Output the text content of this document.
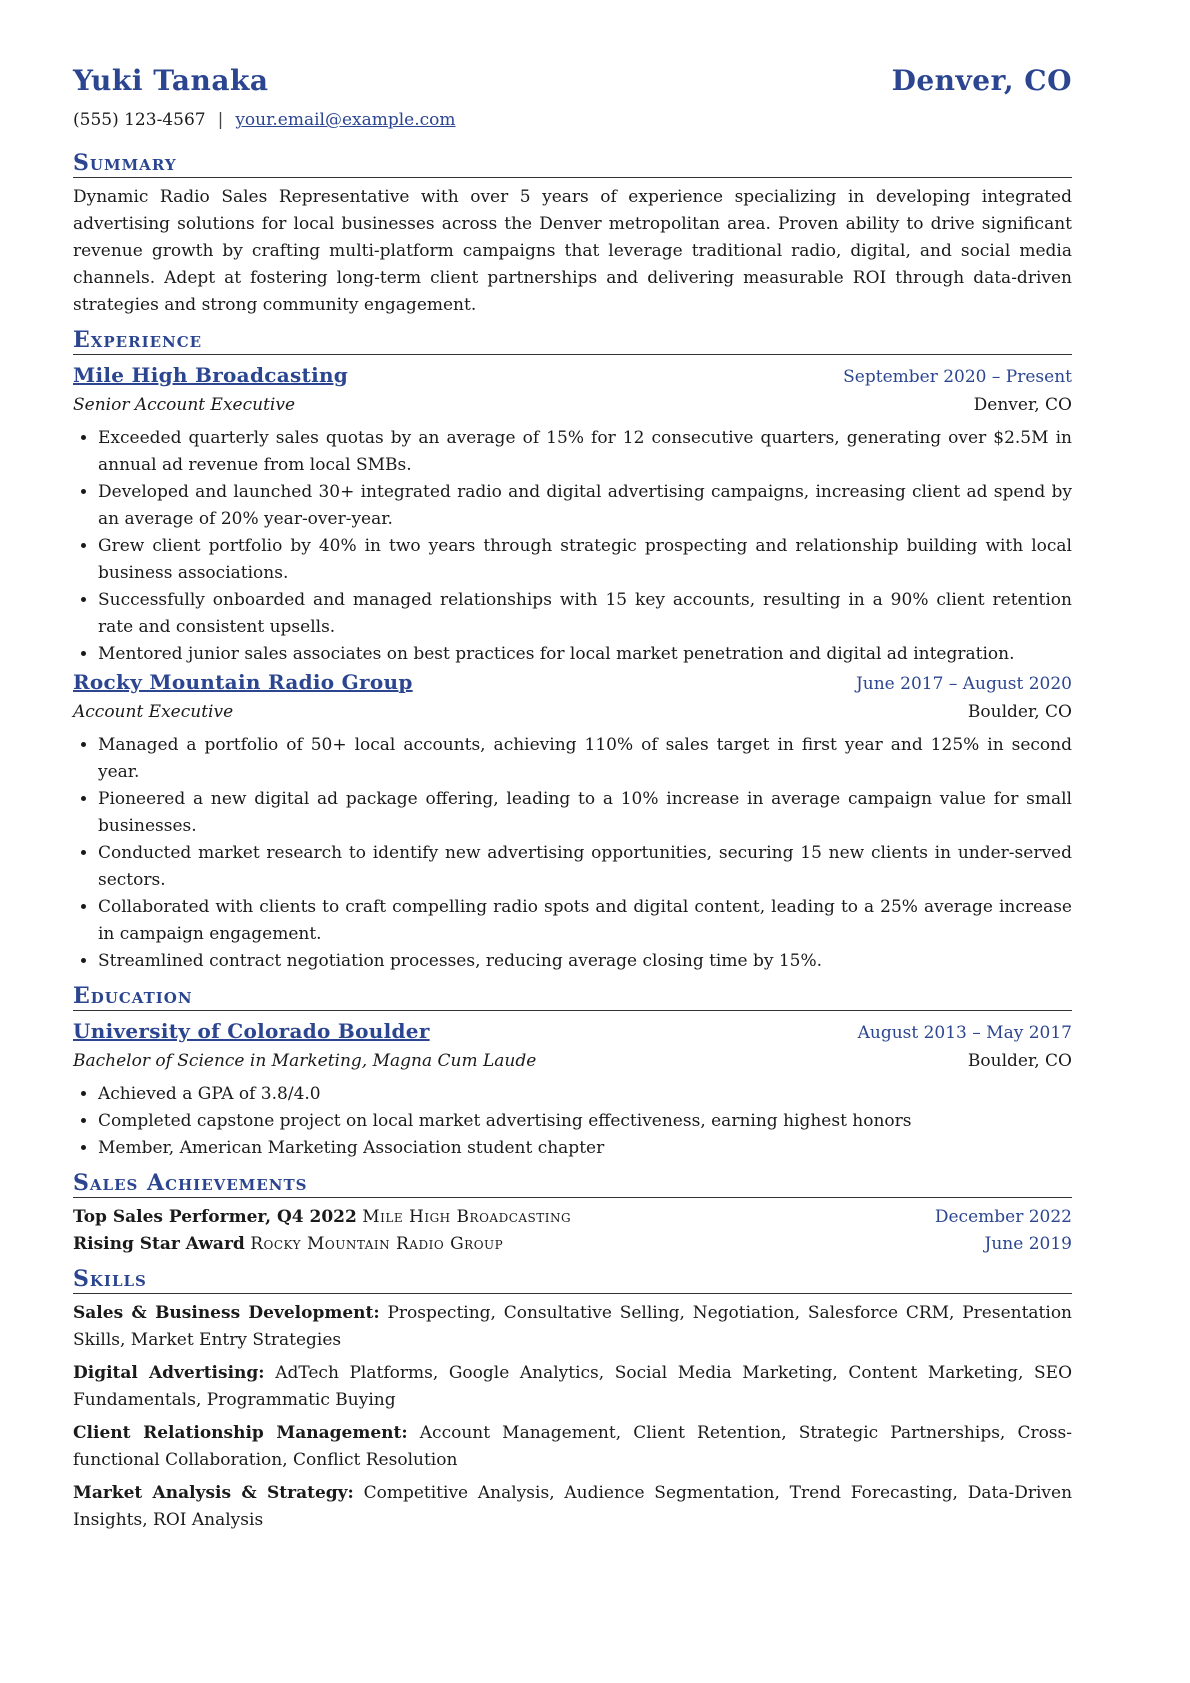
Yuki Tanaka	Denver, CO
(555) 123-4567 | your.email@example.com
Summary
Dynamic Radio Sales Representative with over 5 years of experience specializing in developing integrated advertising solutions for local businesses across the Denver metropolitan area. Proven ability to drive significant revenue growth by crafting multi-platform campaigns that leverage traditional radio, digital, and social media channels. Adept at fostering long-term client partnerships and delivering measurable ROI through data-driven strategies and strong community engagement.
Experience
Mile High Broadcasting	September 2020 – Present
Senior Account Executive	Denver, CO
• Exceeded quarterly sales quotas by an average of 15% for 12 consecutive quarters, generating over $2.5M in annual ad revenue from local SMBs.
• Developed and launched 30+ integrated radio and digital advertising campaigns, increasing client ad spend by an average of 20% year-over-year.
• Grew client portfolio by 40% in two years through strategic prospecting and relationship building with local business associations.
• Successfully onboarded and managed relationships with 15 key accounts, resulting in a 90% client retention rate and consistent upsells.
• Mentored junior sales associates on best practices for local market penetration and digital ad integration.
Rocky Mountain Radio Group	June 2017 – August 2020
Account Executive	Boulder, CO
• Managed a portfolio of 50+ local accounts, achieving 110% of sales target in first year and 125% in second year.
• Pioneered a new digital ad package offering, leading to a 10% increase in average campaign value for small businesses.
• Conducted market research to identify new advertising opportunities, securing 15 new clients in under-served sectors.
• Collaborated with clients to craft compelling radio spots and digital content, leading to a 25% average increase in campaign engagement.
• Streamlined contract negotiation processes, reducing average closing time by 15%.
Education
University of Colorado Boulder	August 2013 – May 2017
Bachelor of Science in Marketing, Magna Cum Laude	Boulder, CO
• Achieved a GPA of 3.8/4.0
• Completed capstone project on local market advertising effectiveness, earning highest honors
• Member, American Marketing Association student chapter
Sales Achievements
Top Sales Performer, Q4 2022 Mile High Broadcasting	December 2022
Rising Star Award Rocky Mountain Radio Group	June 2019
Skills
Sales & Business Development: Prospecting, Consultative Selling, Negotiation, Salesforce CRM, Presentation Skills, Market Entry Strategies
Digital Advertising: AdTech Platforms, Google Analytics, Social Media Marketing, Content Marketing, SEO Fundamentals, Programmatic Buying
Client Relationship Management: Account Management, Client Retention, Strategic Partnerships, Cross-functional Collaboration, Conflict Resolution
Market Analysis & Strategy: Competitive Analysis, Audience Segmentation, Trend Forecasting, Data-Driven Insights, ROI Analysis
